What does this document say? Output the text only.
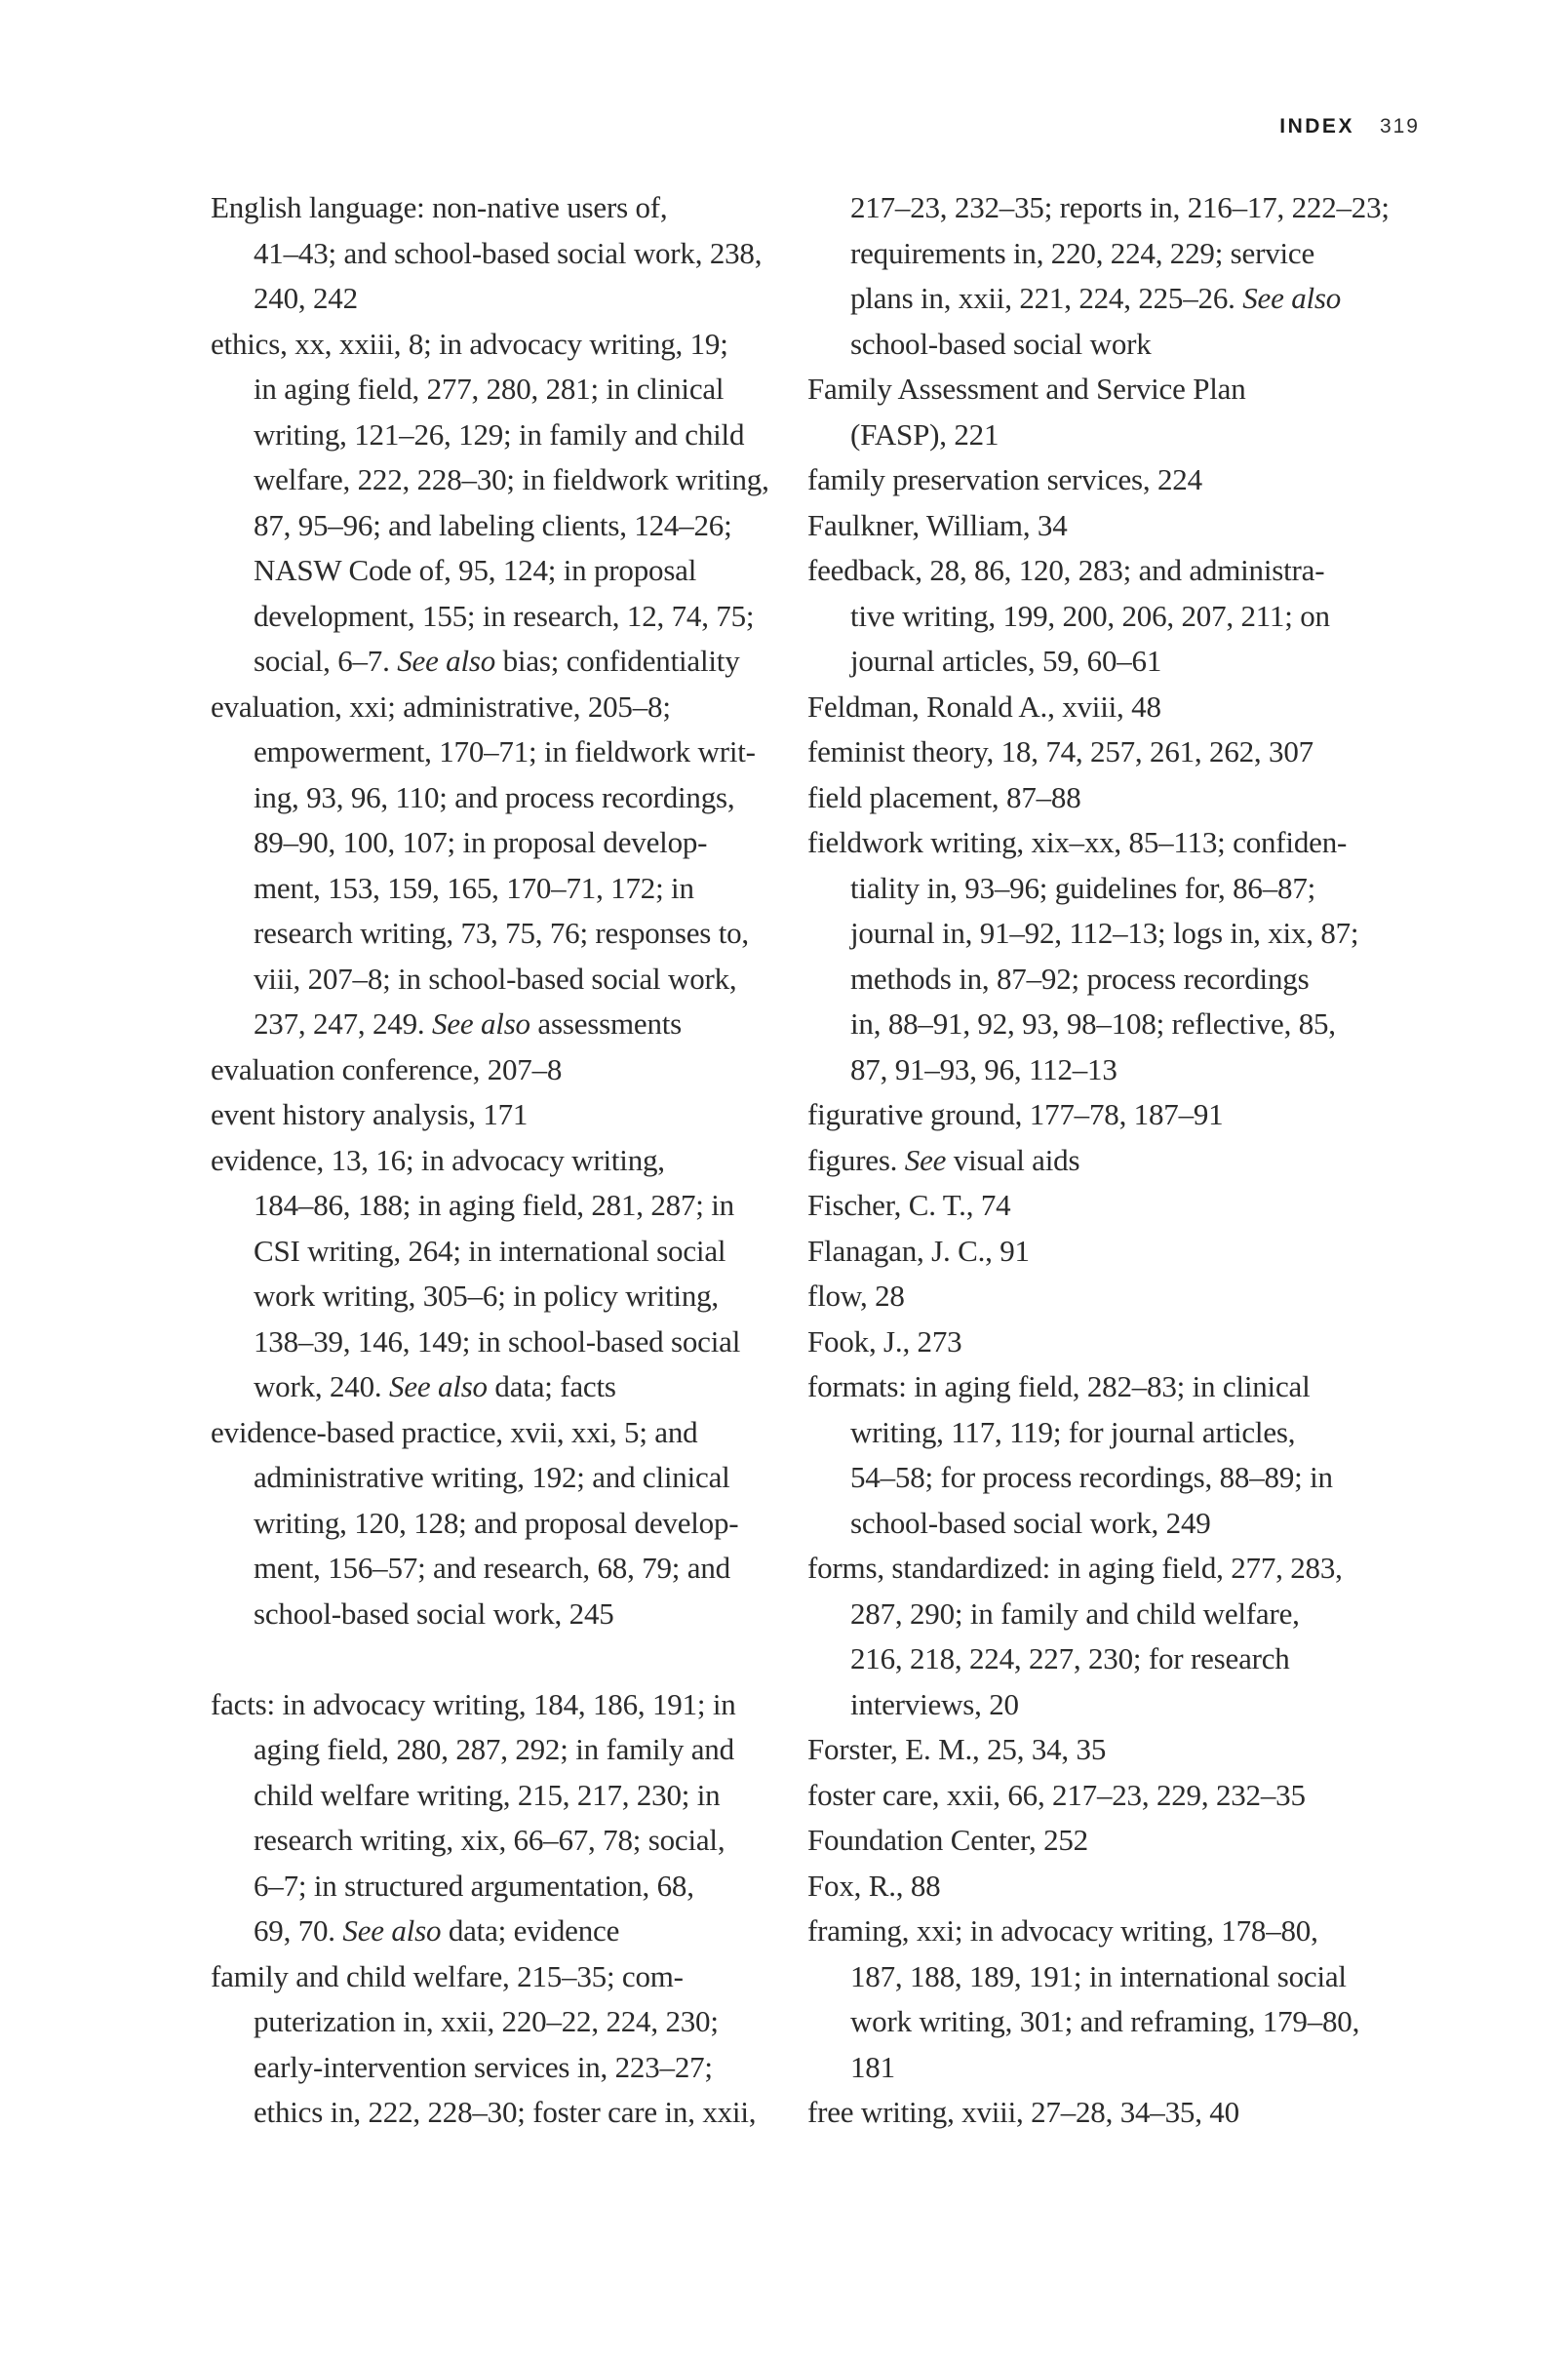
INDEX 319
English language: non-native users of,
41–43; and school-based social work, 238,
240, 242
ethics, xx, xxiii, 8; in advocacy writing, 19;
in aging field, 277, 280, 281; in clinical
writing, 121–26, 129; in family and child
welfare, 222, 228–30; in fieldwork writing,
87, 95–96; and labeling clients, 124–26;
NASW Code of, 95, 124; in proposal
development, 155; in research, 12, 74, 75;
social, 6–7. See also bias; confidentiality
evaluation, xxi; administrative, 205–8;
empowerment, 170–71; in fieldwork writ-
ing, 93, 96, 110; and process recordings,
89–90, 100, 107; in proposal develop-
ment, 153, 159, 165, 170–71, 172; in
research writing, 73, 75, 76; responses to,
viii, 207–8; in school-based social work,
237, 247, 249. See also assessments
evaluation conference, 207–8
event history analysis, 171
evidence, 13, 16; in advocacy writing,
184–86, 188; in aging field, 281, 287; in
CSI writing, 264; in international social
work writing, 305–6; in policy writing,
138–39, 146, 149; in school-based social
work, 240. See also data; facts
evidence-based practice, xvii, xxi, 5; and
administrative writing, 192; and clinical
writing, 120, 128; and proposal develop-
ment, 156–57; and research, 68, 79; and
school-based social work, 245
facts: in advocacy writing, 184, 186, 191; in
aging field, 280, 287, 292; in family and
child welfare writing, 215, 217, 230; in
research writing, xix, 66–67, 78; social,
6–7; in structured argumentation, 68,
69, 70. See also data; evidence
family and child welfare, 215–35; com-
puterization in, xxii, 220–22, 224, 230;
early-intervention services in, 223–27;
ethics in, 222, 228–30; foster care in, xxii,
217–23, 232–35; reports in, 216–17, 222–23;
requirements in, 220, 224, 229; service
plans in, xxii, 221, 224, 225–26. See also
school-based social work
Family Assessment and Service Plan
(FASP), 221
family preservation services, 224
Faulkner, William, 34
feedback, 28, 86, 120, 283; and administra-
tive writing, 199, 200, 206, 207, 211; on
journal articles, 59, 60–61
Feldman, Ronald A., xviii, 48
feminist theory, 18, 74, 257, 261, 262, 307
field placement, 87–88
fieldwork writing, xix–xx, 85–113; confiden-
tiality in, 93–96; guidelines for, 86–87;
journal in, 91–92, 112–13; logs in, xix, 87;
methods in, 87–92; process recordings
in, 88–91, 92, 93, 98–108; reflective, 85,
87, 91–93, 96, 112–13
figurative ground, 177–78, 187–91
figures. See visual aids
Fischer, C. T., 74
Flanagan, J. C., 91
flow, 28
Fook, J., 273
formats: in aging field, 282–83; in clinical
writing, 117, 119; for journal articles,
54–58; for process recordings, 88–89; in
school-based social work, 249
forms, standardized: in aging field, 277, 283,
287, 290; in family and child welfare,
216, 218, 224, 227, 230; for research
interviews, 20
Forster, E. M., 25, 34, 35
foster care, xxii, 66, 217–23, 229, 232–35
Foundation Center, 252
Fox, R., 88
framing, xxi; in advocacy writing, 178–80,
187, 188, 189, 191; in international social
work writing, 301; and reframing, 179–80,
181
free writing, xviii, 27–28, 34–35, 40
